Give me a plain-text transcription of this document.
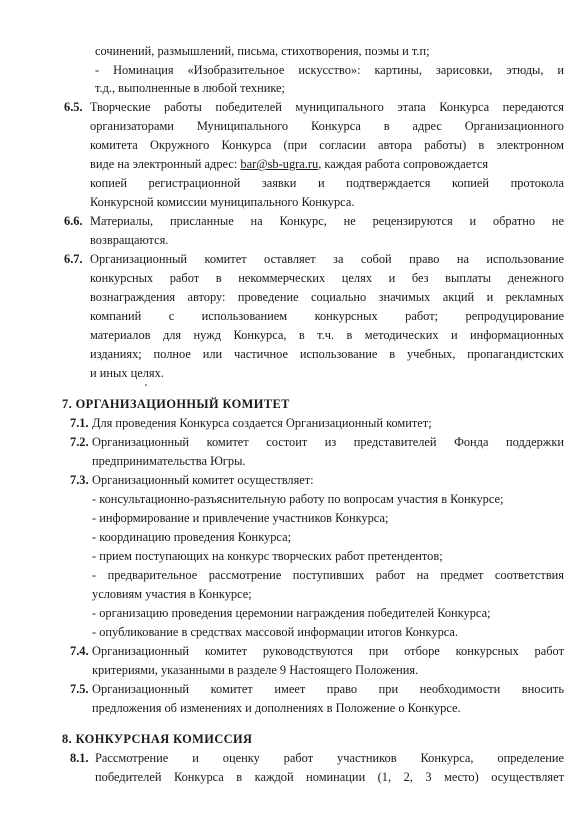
сочинений, размышлений, письма, стихотворения, поэмы и т.п;
- Номинация «Изобразительное искусство»: картины, зарисовки, этюды, и
т.д., выполненные в любой технике;
6.5. Творческие работы победителей муниципального этапа Конкурса передаются
организаторами Муниципального Конкурса в адрес Организационного
комитета Окружного Конкурса (при согласии автора работы) в электронном
виде на электронный адрес: bar@sb-ugra.ru, каждая работа сопровождается
копией регистрационной заявки и подтверждается копией протокола
Конкурсной комиссии муниципального Конкурса.
6.6. Материалы, присланные на Конкурс, не рецензируются и обратно не
возвращаются.
6.7. Организационный комитет оставляет за собой право на использование
конкурсных работ в некоммерческих целях и без выплаты денежного
вознаграждения автору: проведение социально значимых акций и рекламных
компаний с использованием конкурсных работ; репродуцирование
материалов для нужд Конкурса, в т.ч. в методических и информационных
изданиях; полное или частичное использование в учебных, пропагандистских
и иных целях.
7. ОРГАНИЗАЦИОННЫЙ КОМИТЕТ
7.1. Для проведения Конкурса создается Организационный комитет;
7.2. Организационный комитет состоит из представителей Фонда поддержки
предпринимательства Югры.
7.3. Организационный комитет осуществляет:
- консультационно-разъяснительную работу по вопросам участия в Конкурсе;
- информирование и привлечение участников Конкурса;
- координацию проведения Конкурса;
- прием поступающих на конкурс творческих работ претендентов;
- предварительное рассмотрение поступивших работ на предмет соответствия
условиям участия в Конкурсе;
- организацию проведения церемонии награждения победителей Конкурса;
- опубликование в средствах массовой информации итогов Конкурса.
7.4. Организационный комитет руководствуются при отборе конкурсных работ
критериями, указанными в разделе 9 Настоящего Положения.
7.5. Организационный комитет имеет право при необходимости вносить
предложения об изменениях и дополнениях в Положение о Конкурсе.
8. КОНКУРСНАЯ КОМИССИЯ
8.1. Рассмотрение и оценку работ участников Конкурса, определение
победителей Конкурса в каждой номинации (1, 2, 3 место) осуществляет
